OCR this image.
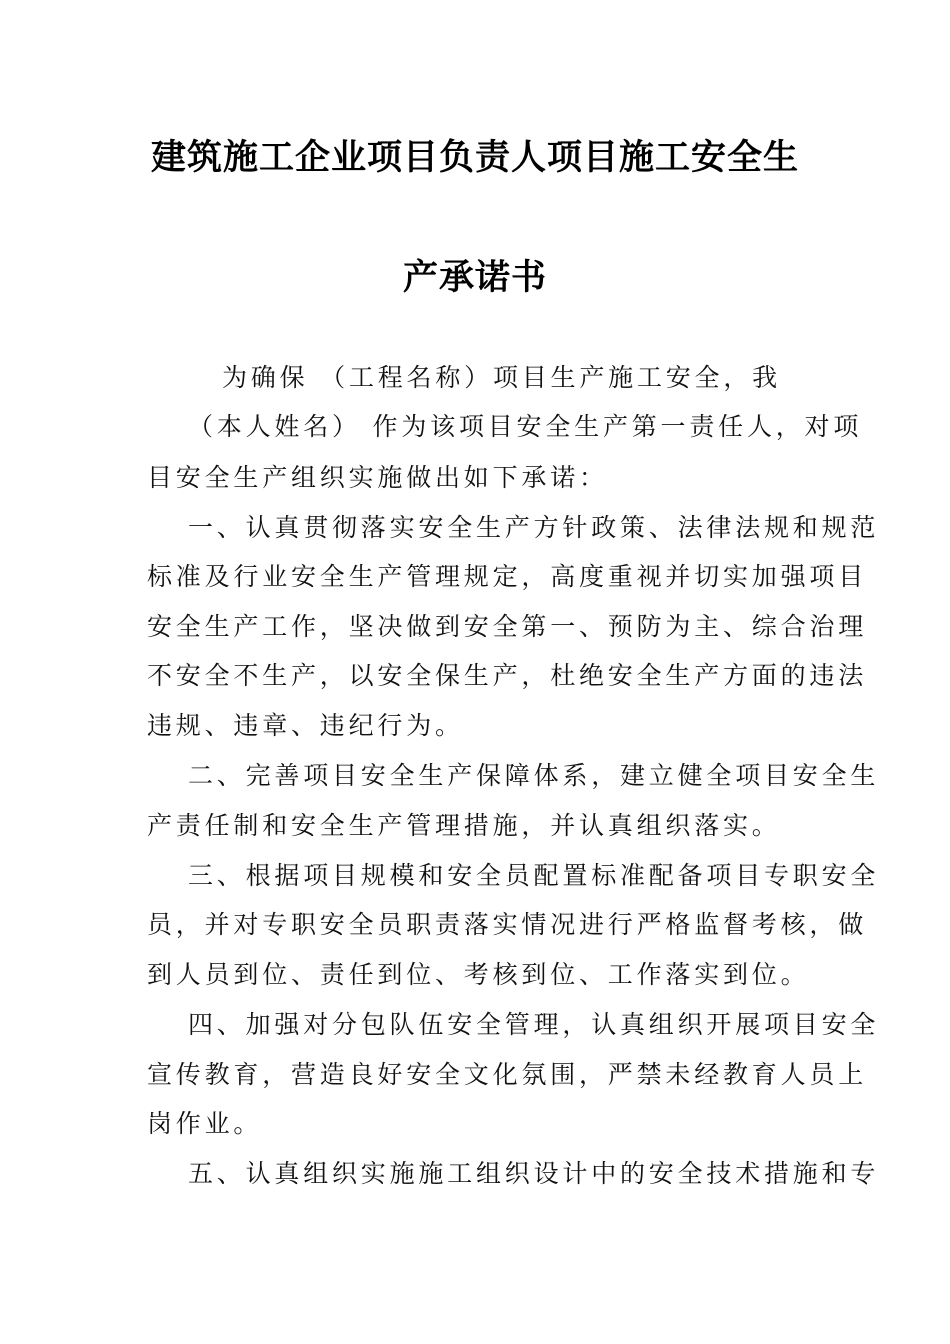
建筑施工企业项目负责人项目施工安全生
产承诺书
为确保 （工程名称）项目生产施工安全，我
（本人姓名） 作为该项目安全生产第一责任人，对项
目安全生产组织实施做出如下承诺：
一、认真贯彻落实安全生产方针政策、法律法规和规范
标准及行业安全生产管理规定，高度重视并切实加强项目
安全生产工作，坚决做到安全第一、预防为主、综合治理
不安全不生产，以安全保生产，杜绝安全生产方面的违法
违规、违章、违纪行为。
二、完善项目安全生产保障体系，建立健全项目安全生
产责任制和安全生产管理措施，并认真组织落实。
三、根据项目规模和安全员配置标准配备项目专职安全
员，并对专职安全员职责落实情况进行严格监督考核，做
到人员到位、责任到位、考核到位、工作落实到位。
四、加强对分包队伍安全管理，认真组织开展项目安全
宣传教育，营造良好安全文化氛围，严禁未经教育人员上
岗作业。
五、认真组织实施施工组织设计中的安全技术措施和专
